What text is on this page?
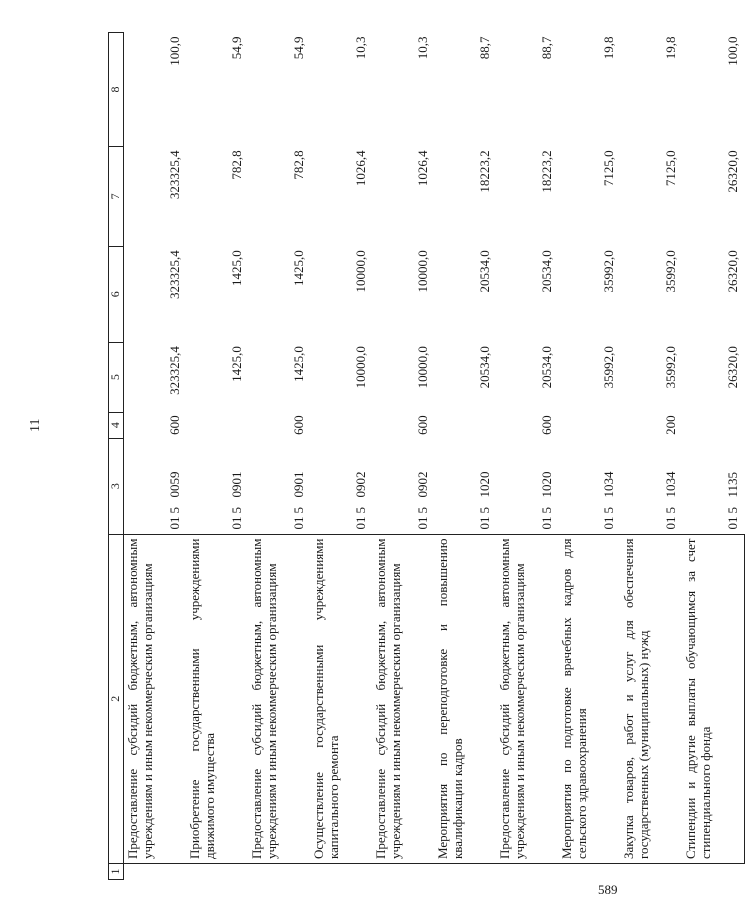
11
1	2	3	4	5	6	7	8
	Предоставление субсидий бюджетным, автономным учреждениям и иным некоммерческим организациям	0150059	600	323325,4	323325,4	323325,4	100,0
	Приобретение государственными учреждениями движимого имущества	0150901		1425,0	1425,0	782,8	54,9
	Предоставление субсидий бюджетным, автономным учреждениям и иным некоммерческим организациям	0150901	600	1425,0	1425,0	782,8	54,9
	Осуществление государственными учреждениями капитального ремонта	0150902		10000,0	10000,0	1026,4	10,3
	Предоставление субсидий бюджетным, автономным учреждениям и иным некоммерческим организациям	0150902	600	10000,0	10000,0	1026,4	10,3
	Мероприятия по переподготовке и повышению квалификации кадров	0151020		20534,0	20534,0	18223,2	88,7
	Предоставление субсидий бюджетным, автономным учреждениям и иным некоммерческим организациям	0151020	600	20534,0	20534,0	18223,2	88,7
	Мероприятия по подготовке врачебных кадров для сельского здравоохранения	0151034		35992,0	35992,0	7125,0	19,8
	Закупка товаров, работ и услуг для обеспечения государственных (муниципальных) нужд	0151034	200	35992,0	35992,0	7125,0	19,8
	Стипендии и другие выплаты обучающимся за счет стипендиального фонда	0151135		26320,0	26320,0	26320,0	100,0
589
